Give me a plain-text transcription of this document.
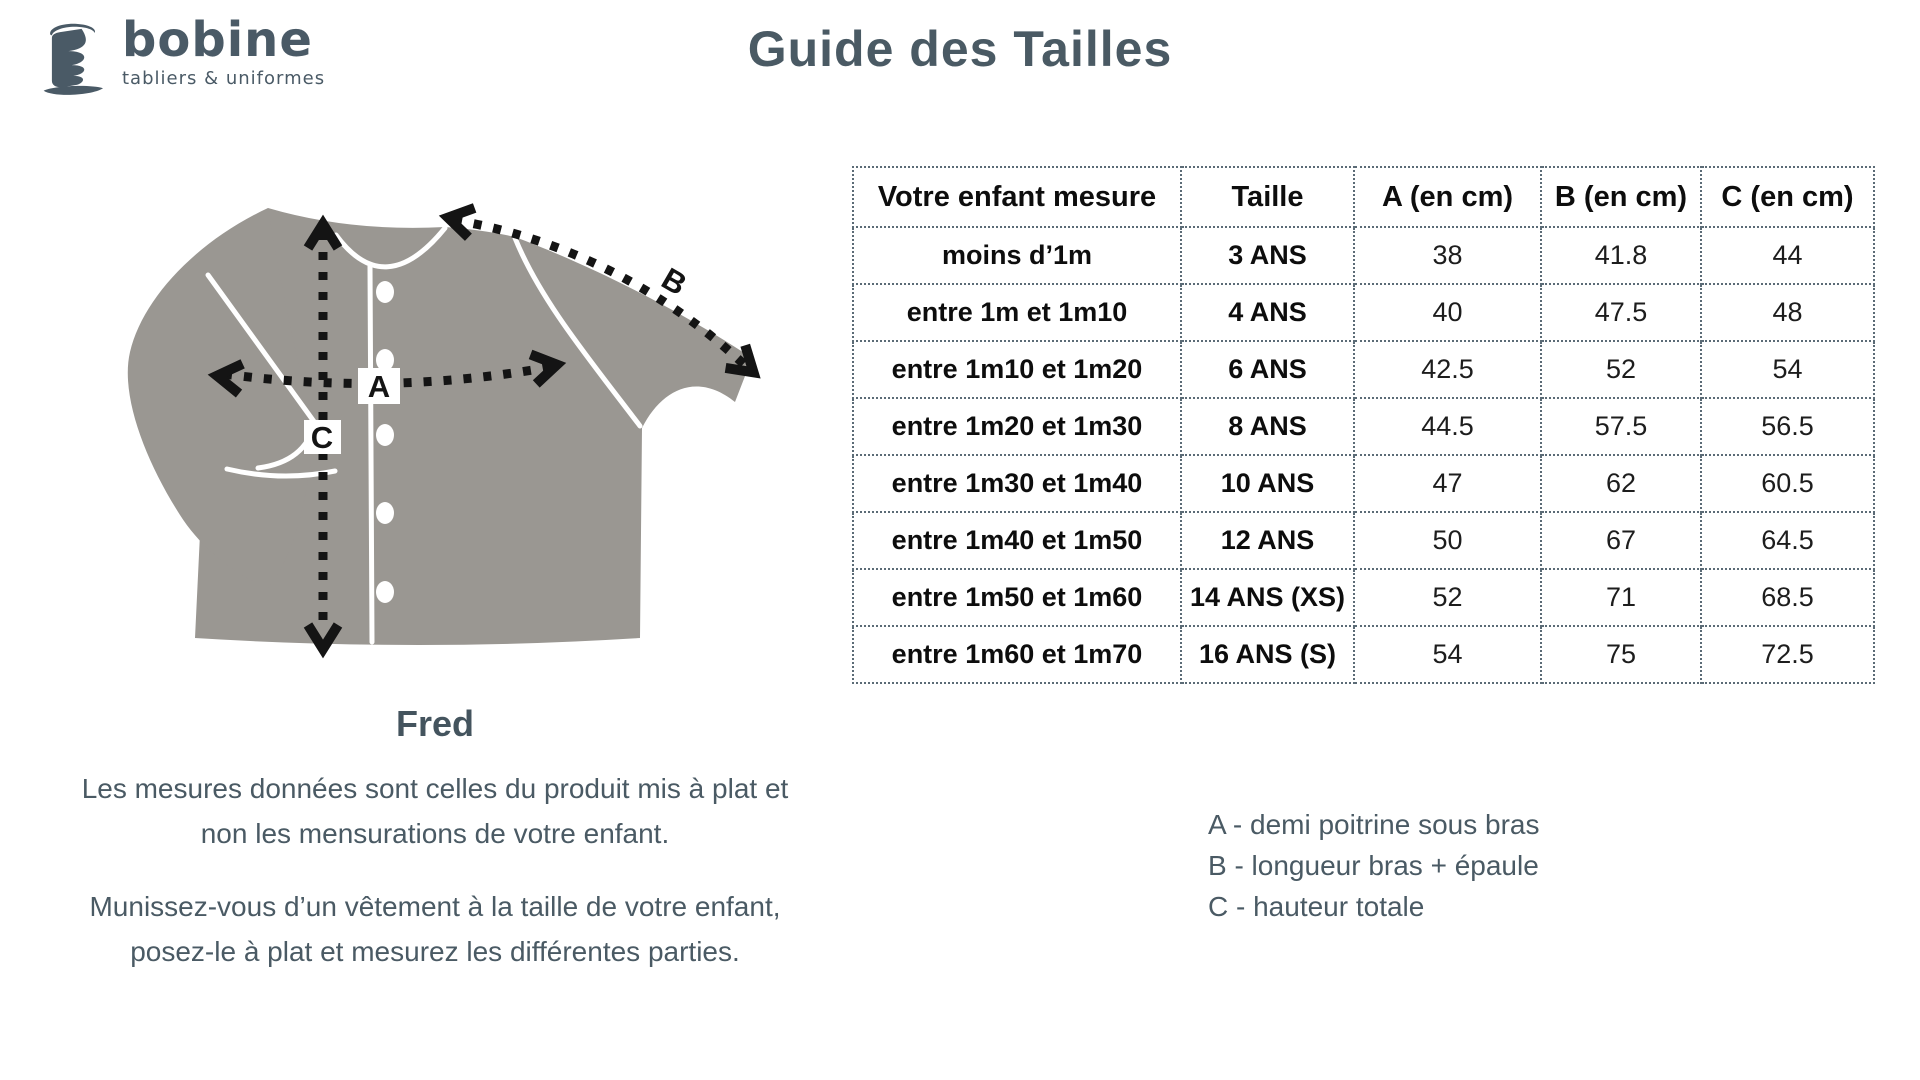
bobine
tabliers & uniformes
Guide des Tailles
A
B
C
Fred
Les mesures données sont celles du produit mis à plat et
non les mensurations de votre enfant.
Munissez-vous d’un vêtement à la taille de votre enfant,
posez-le à plat et mesurez les différentes parties.
A - demi poitrine sous bras
B - longueur bras + épaule
C - hauteur totale
Votre enfant mesure	Taille	A (en cm)	B (en cm)	C (en cm)
moins d’1m	3 ANS	38	41.8	44
entre 1m et 1m10	4 ANS	40	47.5	48
entre 1m10 et 1m20	6 ANS	42.5	52	54
entre 1m20 et 1m30	8 ANS	44.5	57.5	56.5
entre 1m30 et 1m40	10 ANS	47	62	60.5
entre 1m40 et 1m50	12 ANS	50	67	64.5
entre 1m50 et 1m60	14 ANS (XS)	52	71	68.5
entre 1m60 et 1m70	16 ANS (S)	54	75	72.5
